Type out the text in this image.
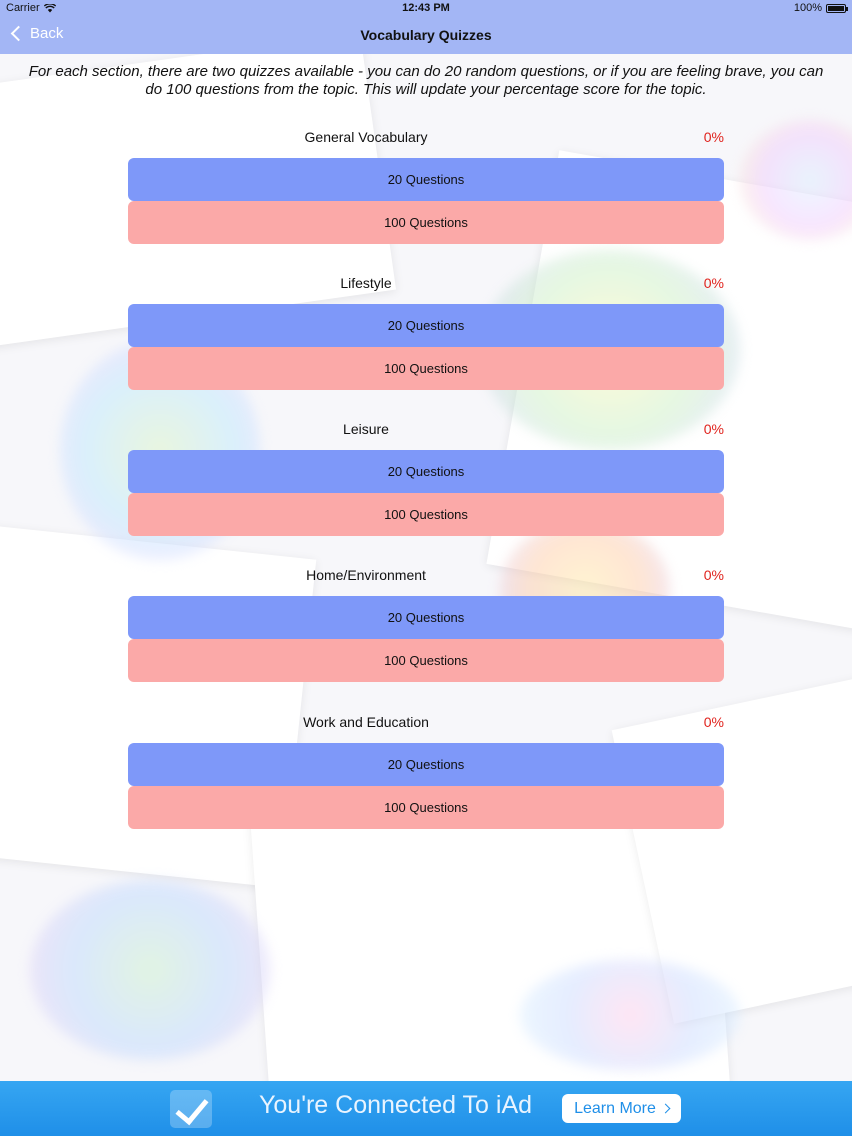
Carrier	12:43 PM	100%
Back	Vocabulary Quizzes
For each section, there are two quizzes available - you can do 20 random questions, or if you are feeling brave, you can do 100 questions from the topic. This will update your percentage score for the topic.
General Vocabulary	0%
20 Questions
100 Questions
Lifestyle	0%
20 Questions
100 Questions
Leisure	0%
20 Questions
100 Questions
Home/Environment	0%
20 Questions
100 Questions
Work and Education	0%
20 Questions
100 Questions
You're Connected To iAd	Learn More
